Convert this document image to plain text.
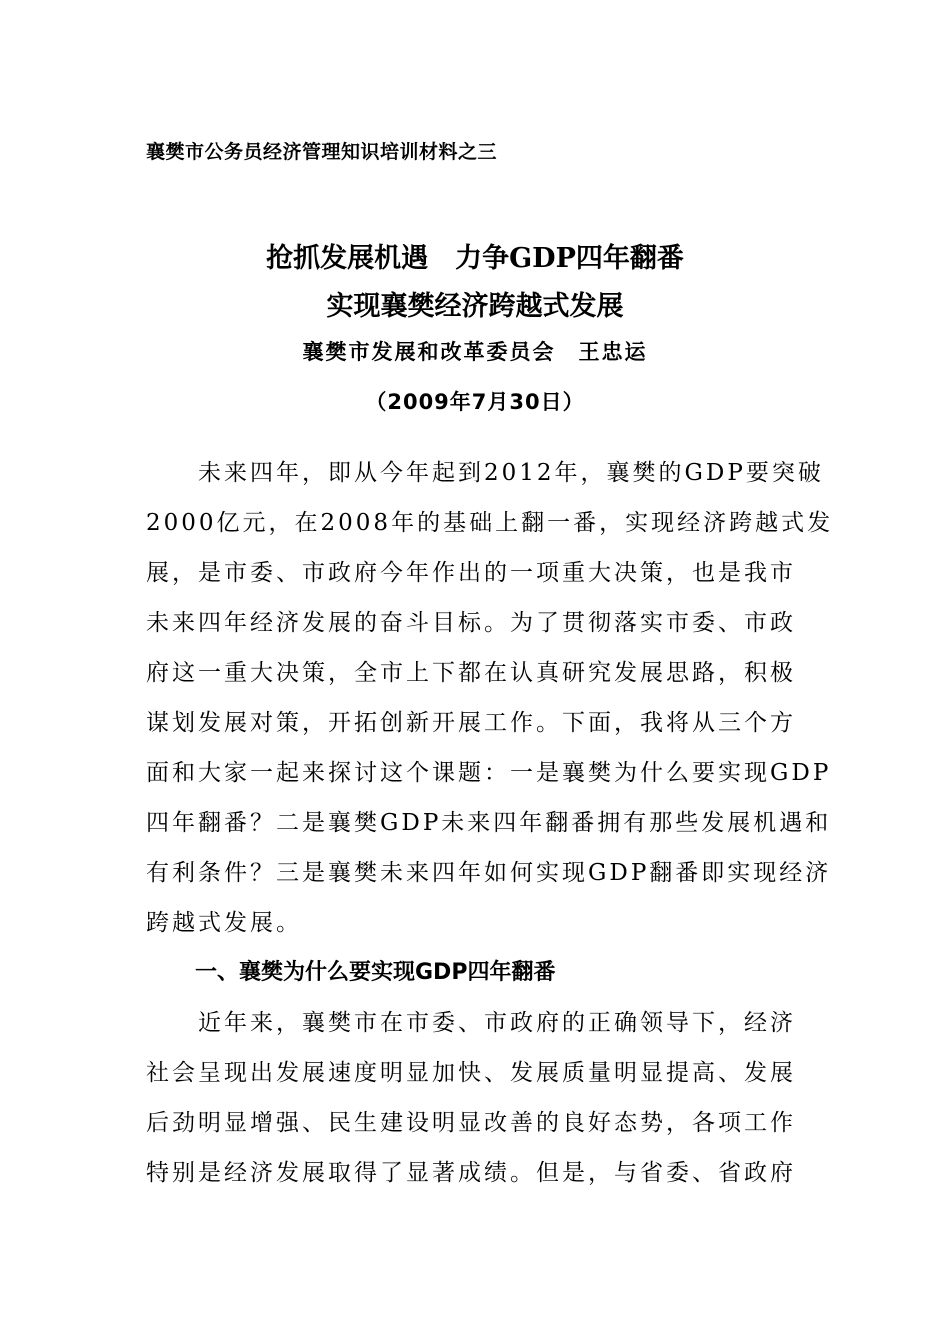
襄樊市公务员经济管理知识培训材料之三
抢抓发展机遇　力争GDP四年翻番
实现襄樊经济跨越式发展
襄樊市发展和改革委员会　王忠运
（2009年7月30日）
　　未来四年，即从今年起到2012年，襄樊的GDP要突破
2000亿元，在2008年的基础上翻一番，实现经济跨越式发
展，是市委、市政府今年作出的一项重大决策，也是我市
未来四年经济发展的奋斗目标。为了贯彻落实市委、市政
府这一重大决策，全市上下都在认真研究发展思路，积极
谋划发展对策，开拓创新开展工作。下面，我将从三个方
面和大家一起来探讨这个课题：一是襄樊为什么要实现GDP
四年翻番？二是襄樊GDP未来四年翻番拥有那些发展机遇和
有利条件？三是襄樊未来四年如何实现GDP翻番即实现经济
跨越式发展。
一、襄樊为什么要实现GDP四年翻番
　　近年来，襄樊市在市委、市政府的正确领导下，经济
社会呈现出发展速度明显加快、发展质量明显提高、发展
后劲明显增强、民生建设明显改善的良好态势，各项工作
特别是经济发展取得了显著成绩。但是，与省委、省政府
